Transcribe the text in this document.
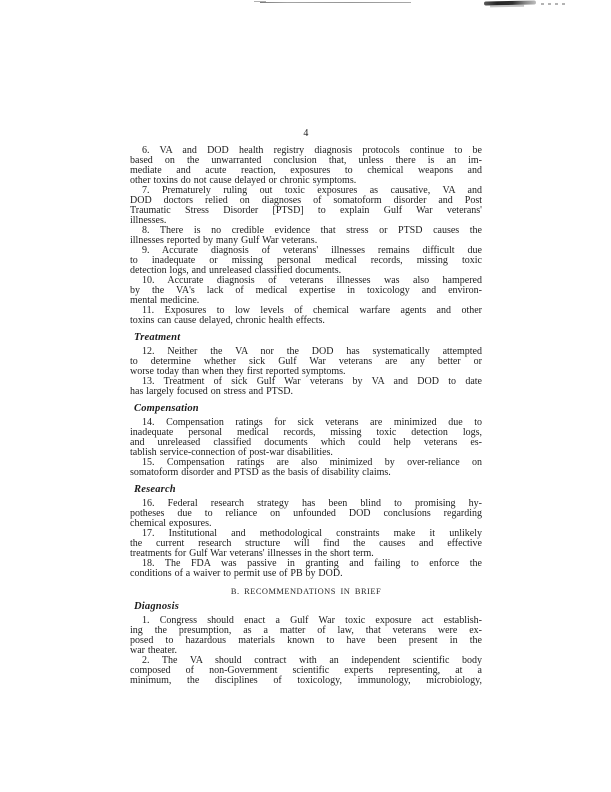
4
6. VA and DOD health registry diagnosis protocols continue to be
based on the unwarranted conclusion that, unless there is an im-
mediate and acute reaction, exposures to chemical weapons and
other toxins do not cause delayed or chronic symptoms.
7. Prematurely ruling out toxic exposures as causative, VA and
DOD doctors relied on diagnoses of somatoform disorder and Post
Traumatic Stress Disorder [PTSD] to explain Gulf War veterans'
illnesses.
8. There is no credible evidence that stress or PTSD causes the
illnesses reported by many Gulf War veterans.
9. Accurate diagnosis of veterans' illnesses remains difficult due
to inadequate or missing personal medical records, missing toxic
detection logs, and unreleased classified documents.
10. Accurate diagnosis of veterans illnesses was also hampered
by the VA's lack of medical expertise in toxicology and environ-
mental medicine.
11. Exposures to low levels of chemical warfare agents and other
toxins can cause delayed, chronic health effects.
Treatment
12. Neither the VA nor the DOD has systematically attempted
to determine whether sick Gulf War veterans are any better or
worse today than when they first reported symptoms.
13. Treatment of sick Gulf War veterans by VA and DOD to date
has largely focused on stress and PTSD.
Compensation
14. Compensation ratings for sick veterans are minimized due to
inadequate personal medical records, missing toxic detection logs,
and unreleased classified documents which could help veterans es-
tablish service-connection of post-war disabilities.
15. Compensation ratings are also minimized by over-reliance on
somatoform disorder and PTSD as the basis of disability claims.
Research
16. Federal research strategy has been blind to promising hy-
potheses due to reliance on unfounded DOD conclusions regarding
chemical exposures.
17. Institutional and methodological constraints make it unlikely
the current research structure will find the causes and effective
treatments for Gulf War veterans' illnesses in the short term.
18. The FDA was passive in granting and failing to enforce the
conditions of a waiver to permit use of PB by DOD.
B. RECOMMENDATIONS IN BRIEF
Diagnosis
1. Congress should enact a Gulf War toxic exposure act establish-
ing the presumption, as a matter of law, that veterans were ex-
posed to hazardous materials known to have been present in the
war theater.
2. The VA should contract with an independent scientific body
composed of non-Government scientific experts representing, at a
minimum, the disciplines of toxicology, immunology, microbiology,
